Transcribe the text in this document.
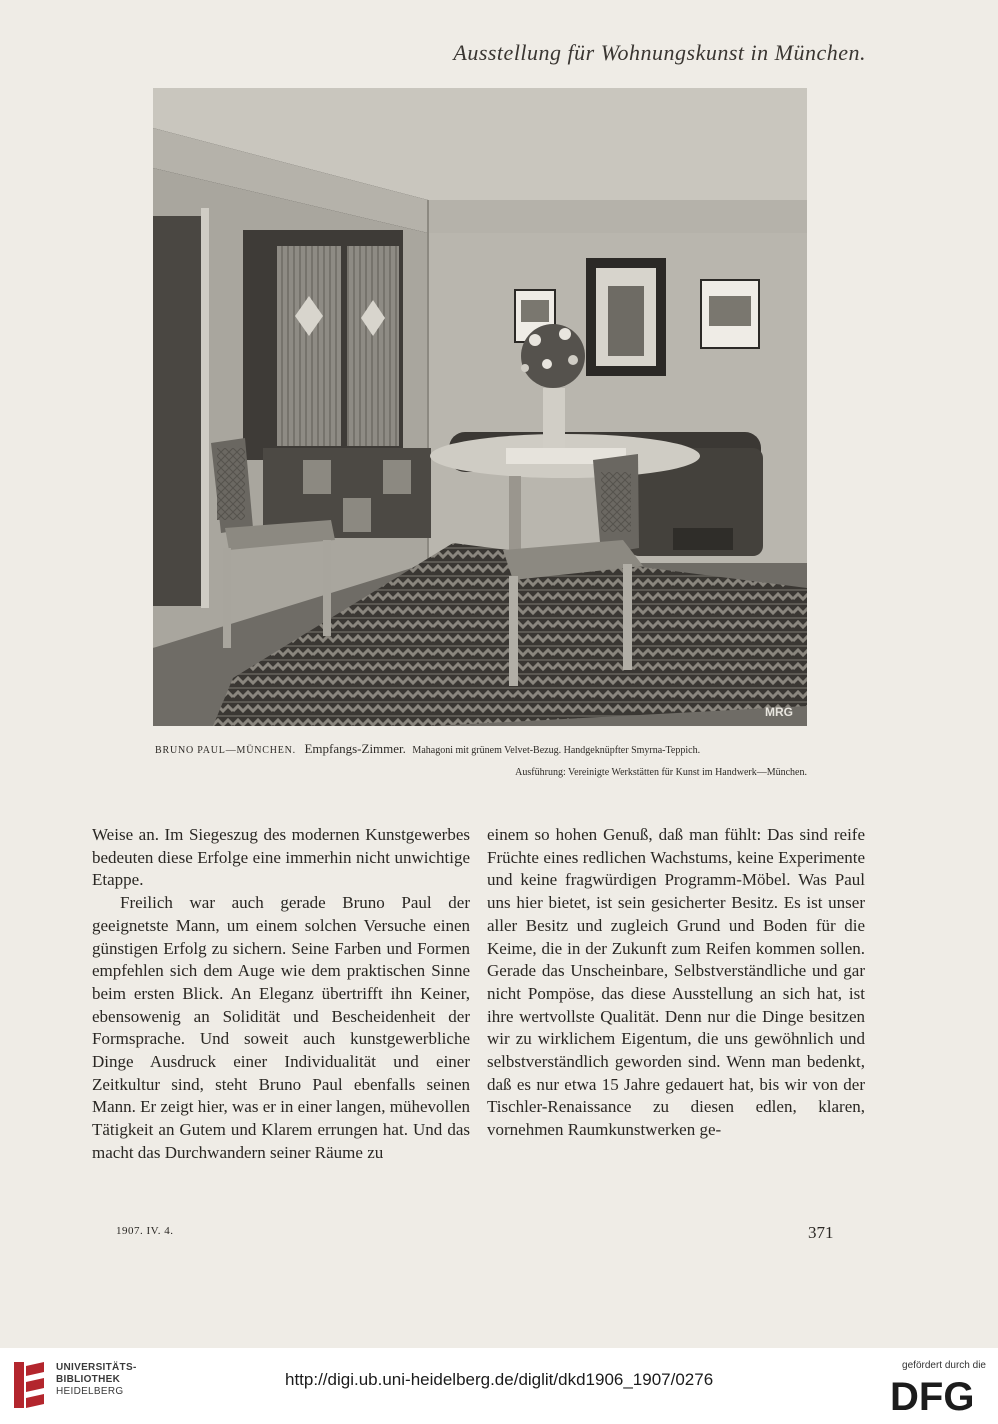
Ausstellung für Wohnungskunst in München.
MRG
BRUNO PAUL—MÜNCHEN. Empfangs-Zimmer. Mahagoni mit grünem Velvet-Bezug. Handgeknüpfter Smyrna-Teppich.
Ausführung: Vereinigte Werkstätten für Kunst im Handwerk—München.

Weise an. Im Siegeszug des modernen Kunstgewerbes bedeuten diese Erfolge eine immerhin nicht unwichtige Etappe.

Freilich war auch gerade Bruno Paul der geeignetste Mann, um einem solchen Versuche einen günstigen Erfolg zu sichern. Seine Farben und Formen empfehlen sich dem Auge wie dem praktischen Sinne beim ersten Blick. An Eleganz übertrifft ihn Keiner, ebensowenig an Solidität und Bescheidenheit der Formsprache. Und soweit auch kunstgewerbliche Dinge Ausdruck einer Individualität und einer Zeitkultur sind, steht Bruno Paul ebenfalls seinen Mann. Er zeigt hier, was er in einer langen, mühevollen Tätigkeit an Gutem und Klarem errungen hat. Und das macht das Durchwandern seiner Räume zu

einem so hohen Genuß, daß man fühlt: Das sind reife Früchte eines redlichen Wachstums, keine Experimente und keine fragwürdigen Programm-Möbel. Was Paul uns hier bietet, ist sein gesicherter Besitz. Es ist unser aller Besitz und zugleich Grund und Boden für die Keime, die in der Zukunft zum Reifen kommen sollen. Gerade das Unscheinbare, Selbstverständliche und gar nicht Pompöse, das diese Ausstellung an sich hat, ist ihre wertvollste Qualität. Denn nur die Dinge besitzen wir zu wirklichem Eigentum, die uns gewöhnlich und selbstverständlich geworden sind. Wenn man bedenkt, daß es nur etwa 15 Jahre gedauert hat, bis wir von der Tischler-Renaissance zu diesen edlen, klaren, vornehmen Raumkunstwerken ge-

1907. IV. 4.	371
UNIVERSITÄTS-
BIBLIOTHEK
HEIDELBERG
http://digi.ub.uni-heidelberg.de/diglit/dkd1906_1907/0276
gefördert durch die
DFG
